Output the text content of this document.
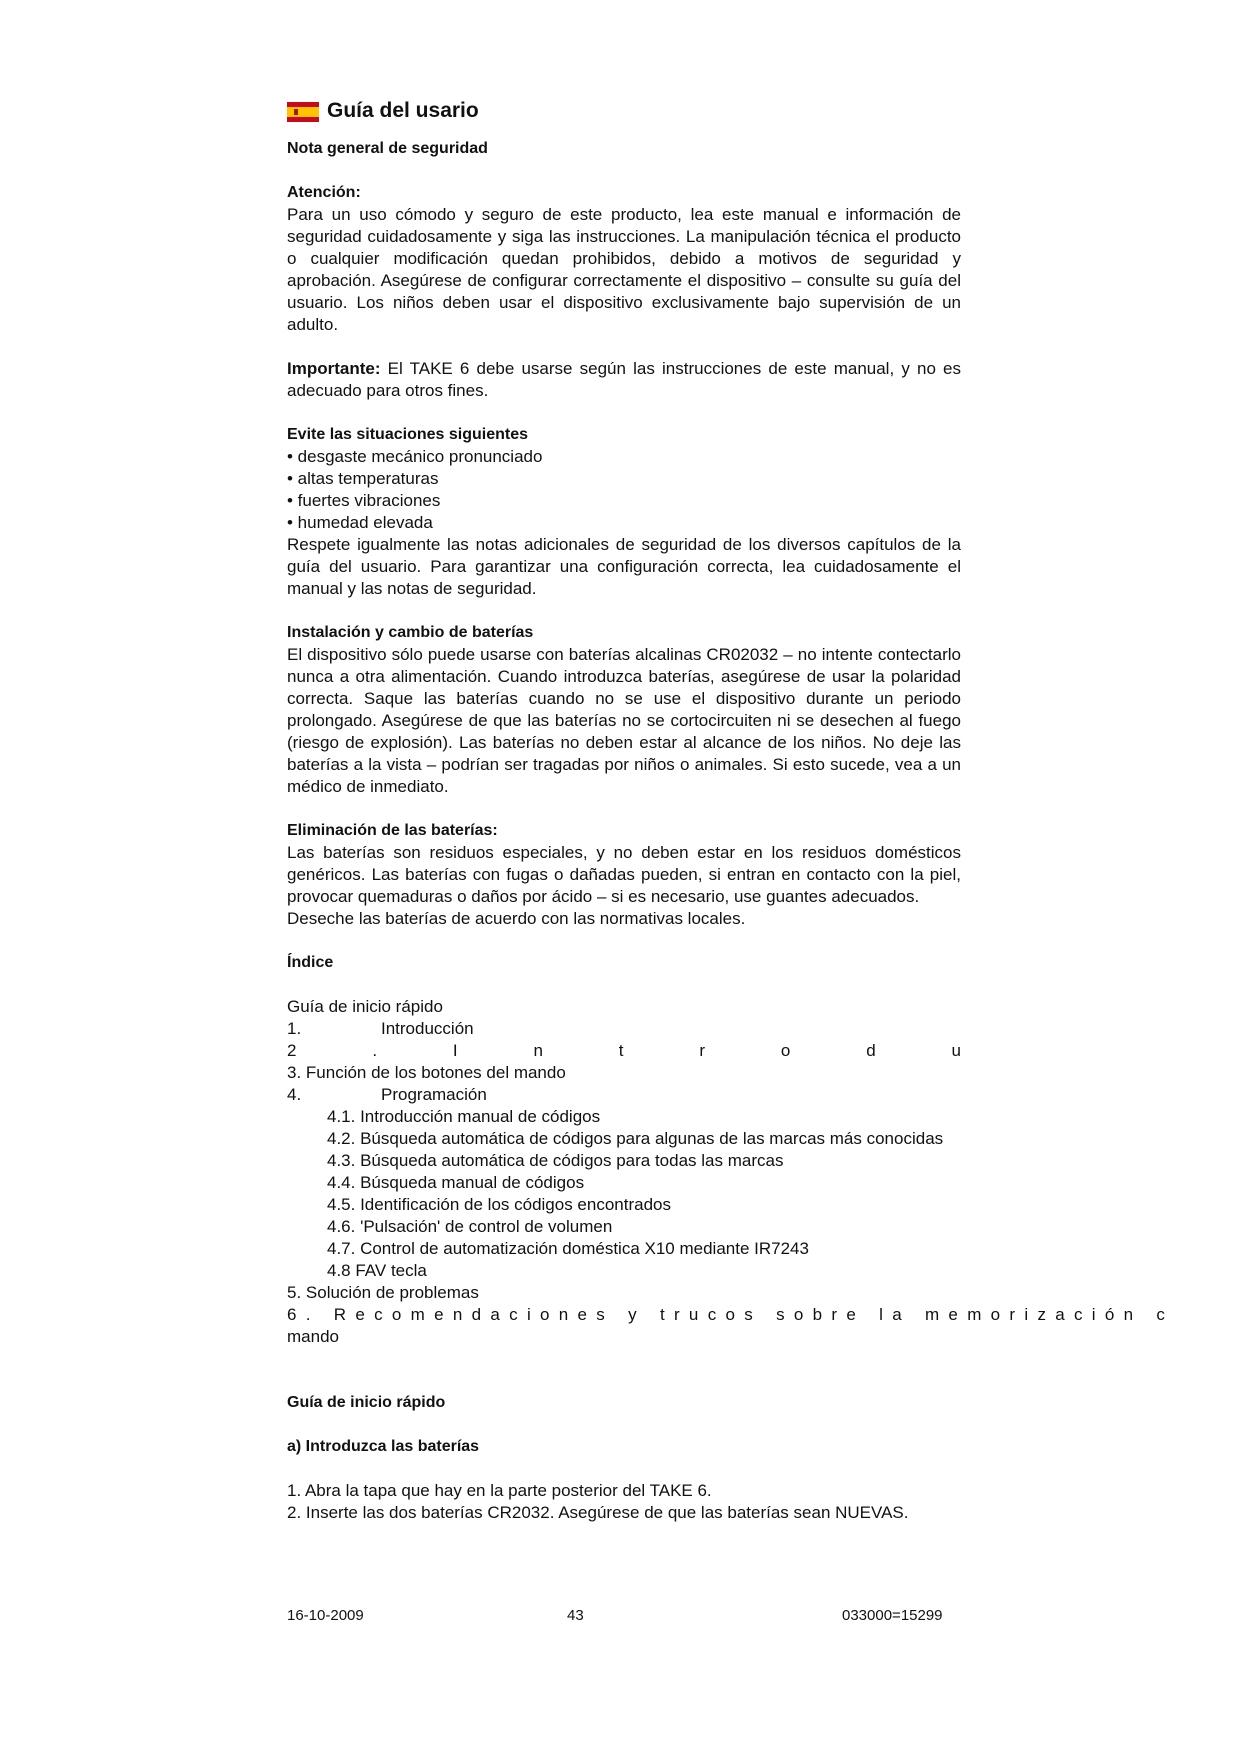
Guía del usario

Nota general de seguridad

Atención:

Para un uso cómodo y seguro de este producto, lea este manual e información de seguridad cuidadosamente y siga las instrucciones. La manipulación técnica el producto o cualquier modificación quedan prohibidos, debido a motivos de seguridad y aprobación. Asegúrese de configurar correctamente el dispositivo – consulte su guía del usuario. Los niños deben usar el dispositivo exclusivamente bajo supervisión de un adulto.

Importante: El TAKE 6 debe usarse según las instrucciones de este manual, y no es adecuado para otros fines.

Evite las situaciones siguientes

• desgaste mecánico pronunciado

• altas temperaturas

• fuertes vibraciones

• humedad elevada

Respete igualmente las notas adicionales de seguridad de los diversos capítulos de la guía del usuario. Para garantizar una configuración correcta, lea cuidadosamente el manual y las notas de seguridad.

Instalación y cambio de baterías

El dispositivo sólo puede usarse con baterías alcalinas CR02032 – no intente contectarlo nunca a otra alimentación. Cuando introduzca baterías, asegúrese de usar la polaridad correcta. Saque las baterías cuando no se use el dispositivo durante un periodo prolongado. Asegúrese de que las baterías no se cortocircuiten ni se desechen al fuego (riesgo de explosión). Las baterías no deben estar al alcance de los niños. No deje las baterías a la vista – podrían ser tragadas por niños o animales. Si esto sucede, vea a un médico de inmediato.

Eliminación de las baterías:

Las baterías son residuos especiales, y no deben estar en los residuos domésticos genéricos. Las baterías con fugas o dañadas pueden, si entran en contacto con la piel, provocar quemaduras o daños por ácido – si es necesario, use guantes adecuados.

Deseche las baterías de acuerdo con las normativas locales.

Índice

Guía de inicio rápido

1.	Introducción

2 . I n t r o d u

3. Función de los botones del mando

4.	Programación

4.1. Introducción manual de códigos

4.2. Búsqueda automática de códigos para algunas de las marcas más conocidas

4.3. Búsqueda automática de códigos para todas las marcas

4.4. Búsqueda manual de códigos

4.5. Identificación de los códigos encontrados

4.6. 'Pulsación' de control de volumen

4.7. Control de automatización doméstica X10 mediante IR7243

4.8 FAV tecla

5. Solución de problemas

6. Recomendaciones y trucos sobre la memorización c

mando

Guía de inicio rápido

a) Introduzca las baterías

1. Abra la tapa que hay en la parte posterior del TAKE 6.

2. Inserte las dos baterías CR2032. Asegúrese de que las baterías sean NUEVAS.

16-10-2009	43	033000=15299
